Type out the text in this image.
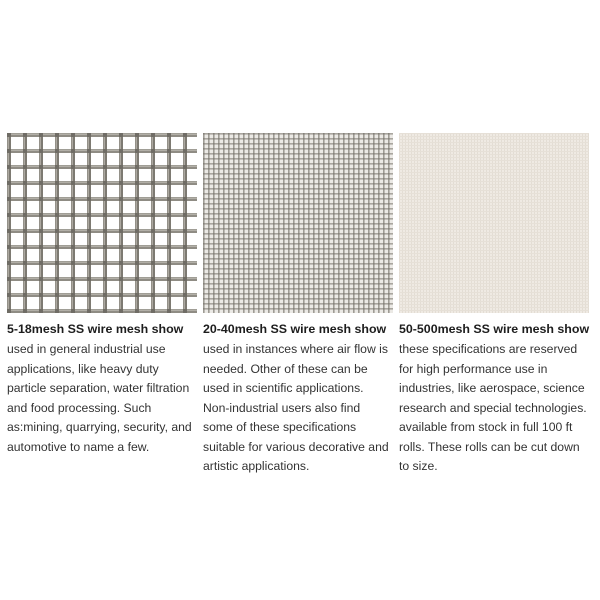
5-18mesh SS wire mesh show
used in general industrial use applications, like heavy duty particle separation, water filtration and food processing. Such as:mining, quarrying, security, and automotive to name a few.
20-40mesh SS wire mesh show
used in instances where air flow is needed. Other of these can be used in scientific applications. Non-industrial users also find some of these specifications suitable for various decorative and artistic applications.
50-500mesh SS wire mesh show
these specifications are reserved for high performance use in industries, like aerospace, science research and special technologies. available from stock in full 100 ft rolls. These rolls can be cut down to size.
